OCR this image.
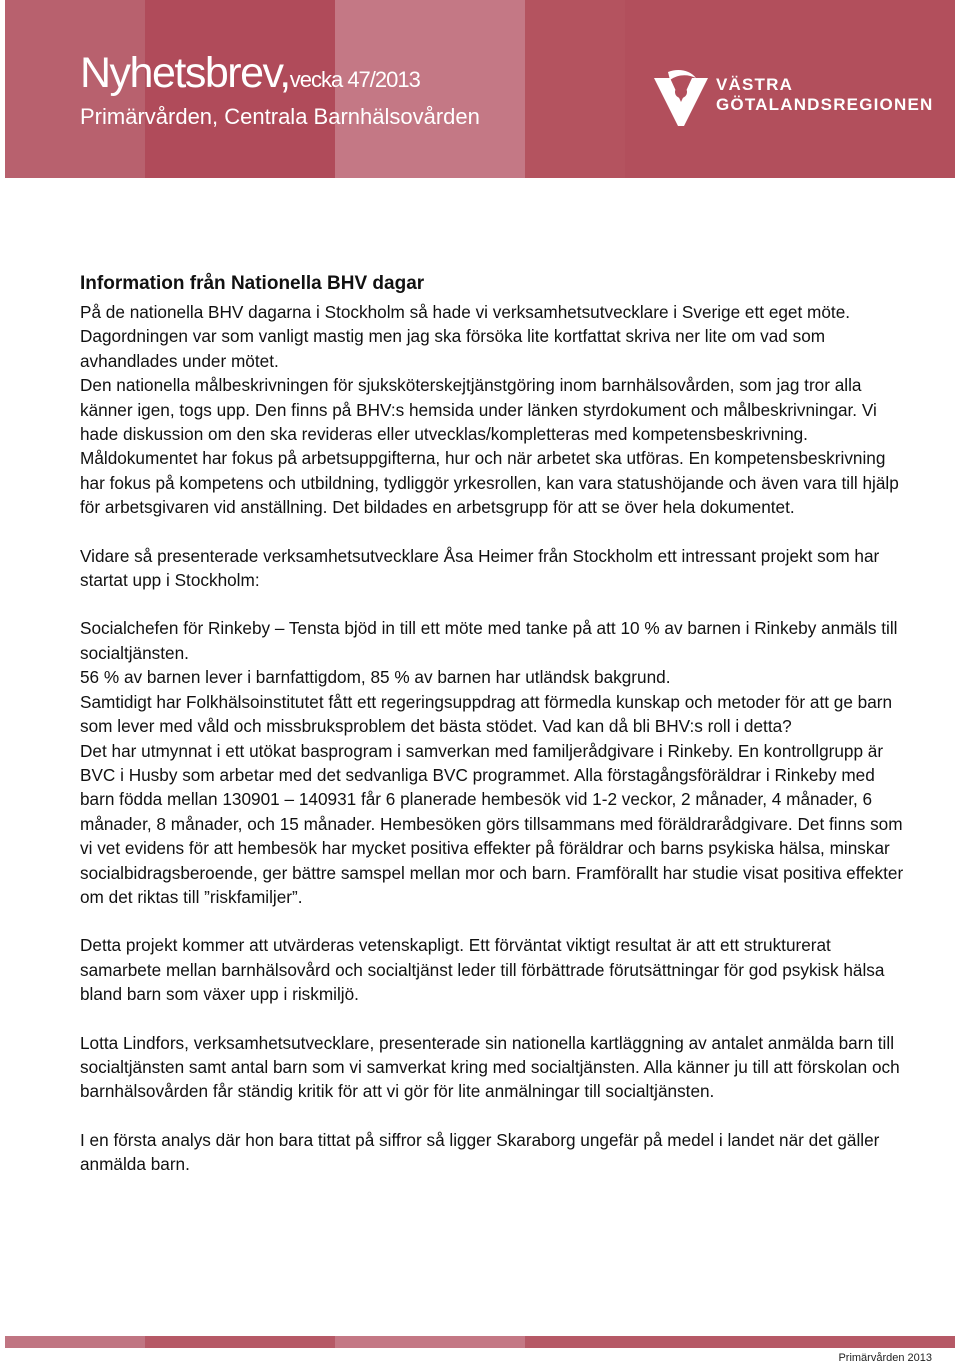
Nyhetsbrev,vecka 47/2013
Primärvården, Centrala Barnhälsovården
VÄSTRA
GÖTALANDSREGIONEN
Information från Nationella BHV dagar

På de nationella BHV dagarna i Stockholm så hade vi verksamhetsutvecklare i Sverige ett eget möte. Dagordningen var som vanligt mastig men jag ska försöka lite kortfattat skriva ner lite om vad som avhandlades under mötet.
Den nationella målbeskrivningen för sjuksköterskejtjänstgöring inom barnhälsovården, som jag tror alla känner igen, togs upp. Den finns på BHV:s hemsida under länken styrdokument och målbeskrivningar. Vi hade diskussion om den ska revideras eller utvecklas/kompletteras med kompetensbeskrivning. Måldokumentet har fokus på arbetsuppgifterna, hur och när arbetet ska utföras. En kompetensbeskrivning har fokus på kompetens och utbildning, tydliggör yrkesrollen, kan vara statushöjande och även vara till hjälp för arbetsgivaren vid anställning. Det bildades en arbetsgrupp för att se över hela dokumentet.

Vidare så presenterade verksamhetsutvecklare Åsa Heimer från Stockholm ett intressant projekt som har startat upp i Stockholm:

Socialchefen för Rinkeby – Tensta bjöd in till ett möte med tanke på att 10 % av barnen i Rinkeby anmäls till socialtjänsten.
56 % av barnen lever i barnfattigdom, 85 % av barnen har utländsk bakgrund.
Samtidigt har Folkhälsoinstitutet fått ett regeringsuppdrag att förmedla kunskap och metoder för att ge barn som lever med våld och missbruksproblem det bästa stödet. Vad kan då bli BHV:s roll i detta?
Det har utmynnat i ett utökat basprogram i samverkan med familjerådgivare i Rinkeby. En kontrollgrupp är BVC i Husby som arbetar med det sedvanliga BVC programmet. Alla förstagångsföräldrar i Rinkeby med barn födda mellan 130901 – 140931 får 6 planerade hembesök vid 1-2 veckor, 2 månader, 4 månader, 6 månader, 8 månader, och 15 månader. Hembesöken görs tillsammans med föräldrarådgivare. Det finns som vi vet evidens för att hembesök har mycket positiva effekter på föräldrar och barns psykiska hälsa, minskar socialbidragsberoende, ger bättre samspel mellan mor och barn. Framförallt har studie visat positiva effekter om det riktas till ”riskfamiljer”.

Detta projekt kommer att utvärderas vetenskapligt. Ett förväntat viktigt resultat är att ett strukturerat samarbete mellan barnhälsovård och socialtjänst leder till förbättrade förutsättningar för god psykisk hälsa bland barn som växer upp i riskmiljö.

Lotta Lindfors, verksamhetsutvecklare, presenterade sin nationella kartläggning av antalet anmälda barn till socialtjänsten samt antal barn som vi samverkat kring med socialtjänsten. Alla känner ju till att förskolan och barnhälsovården får ständig kritik för att vi gör för lite anmälningar till socialtjänsten.

I en första analys där hon bara tittat på siffror så ligger Skaraborg ungefär på medel i landet när det gäller anmälda barn.

Primärvården 2013
